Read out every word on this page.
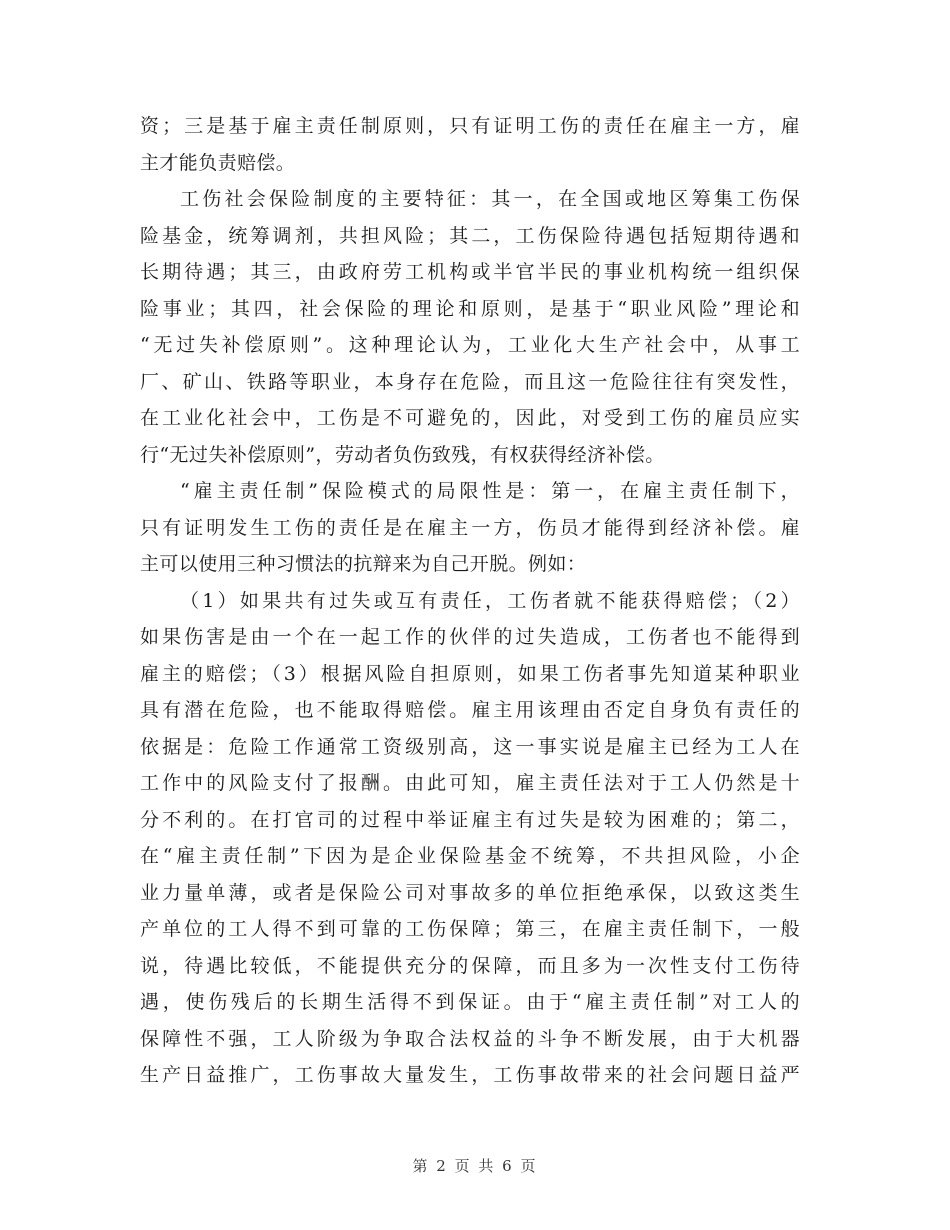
资；三是基于雇主责任制原则，只有证明工伤的责任在雇主一方，雇
主才能负责赔偿。
工伤社会保险制度的主要特征：其一，在全国或地区筹集工伤保
险基金，统筹调剂，共担风险；其二，工伤保险待遇包括短期待遇和
长期待遇；其三，由政府劳工机构或半官半民的事业机构统一组织保
险事业；其四，社会保险的理论和原则，是基于“职业风险”理论和
“无过失补偿原则”。这种理论认为，工业化大生产社会中，从事工
厂、矿山、铁路等职业，本身存在危险，而且这一危险往往有突发性，
在工业化社会中，工伤是不可避免的，因此，对受到工伤的雇员应实
行“无过失补偿原则”，劳动者负伤致残，有权获得经济补偿。
“雇主责任制”保险模式的局限性是：第一，在雇主责任制下，
只有证明发生工伤的责任是在雇主一方，伤员才能得到经济补偿。雇
主可以使用三种习惯法的抗辩来为自己开脱。例如：
（1）如果共有过失或互有责任，工伤者就不能获得赔偿；（2）
如果伤害是由一个在一起工作的伙伴的过失造成，工伤者也不能得到
雇主的赔偿；（3）根据风险自担原则，如果工伤者事先知道某种职业
具有潜在危险，也不能取得赔偿。雇主用该理由否定自身负有责任的
依据是：危险工作通常工资级别高，这一事实说是雇主已经为工人在
工作中的风险支付了报酬。由此可知，雇主责任法对于工人仍然是十
分不利的。在打官司的过程中举证雇主有过失是较为困难的；第二，
在“雇主责任制”下因为是企业保险基金不统筹，不共担风险，小企
业力量单薄，或者是保险公司对事故多的单位拒绝承保，以致这类生
产单位的工人得不到可靠的工伤保障；第三，在雇主责任制下，一般
说，待遇比较低，不能提供充分的保障，而且多为一次性支付工伤待
遇，使伤残后的长期生活得不到保证。由于“雇主责任制”对工人的
保障性不强，工人阶级为争取合法权益的斗争不断发展，由于大机器
生产日益推广，工伤事故大量发生，工伤事故带来的社会问题日益严
第 2 页 共 6 页
